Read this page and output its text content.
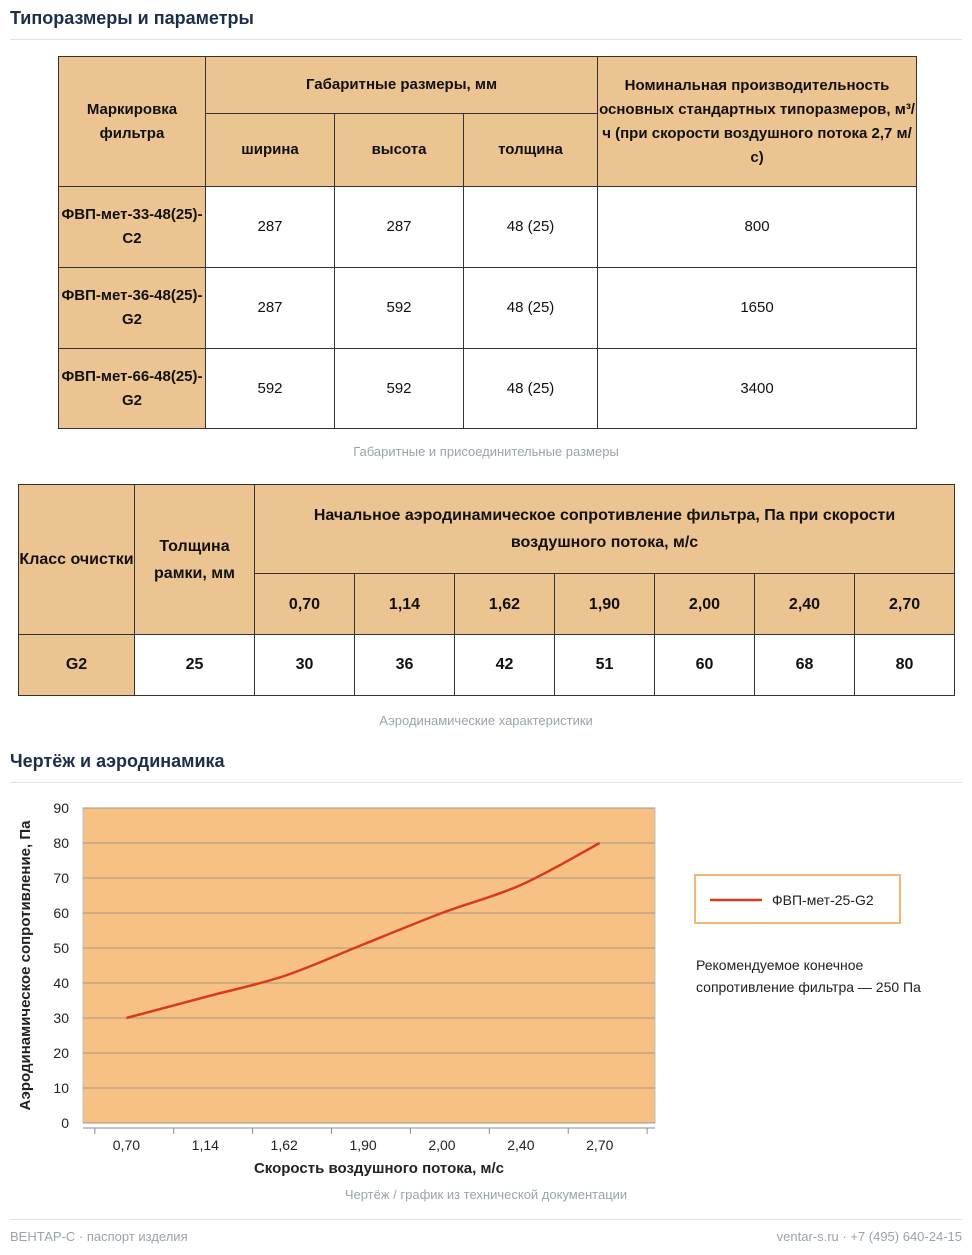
Типоразмеры и параметры
Маркировка фильтра	Габаритные размеры, мм			Номинальная производительность основных стандартных типоразмеров, м³/ч (при скорости воздушного потока 2,7 м/с)
	ширина	высота	толщина	
ФВП-мет-33-48(25)-С2	287	287	48 (25)	800
ФВП-мет-36-48(25)-G2	287	592	48 (25)	1650
ФВП-мет-66-48(25)-G2	592	592	48 (25)	3400
Габаритные и присоединительные размеры
Класс очистки	Толщина рамки, мм	Начальное аэродинамическое сопротивление фильтра, Па при скорости воздушного потока, м/с						
		0,70	1,14	1,62	1,90	2,00	2,40	2,70
G2	25	30	36	42	51	60	68	80
Аэродинамические характеристики
Чертёж и аэродинамика
0
10
20
30
40
50
60
70
80
90
0,70	1,14	1,62	1,90	2,00	2,40	2,70
Скорость воздушного потока, м/с
Аэродинамическое сопротивление, Па	ФВП-мет-25-G2
Рекомендуемое конечное
сопротивление фильтра — 250 Па
Чертёж / график из технической документации
ВЕНТАР-С · паспорт изделия	ventar-s.ru · +7 (495) 640-24-15
